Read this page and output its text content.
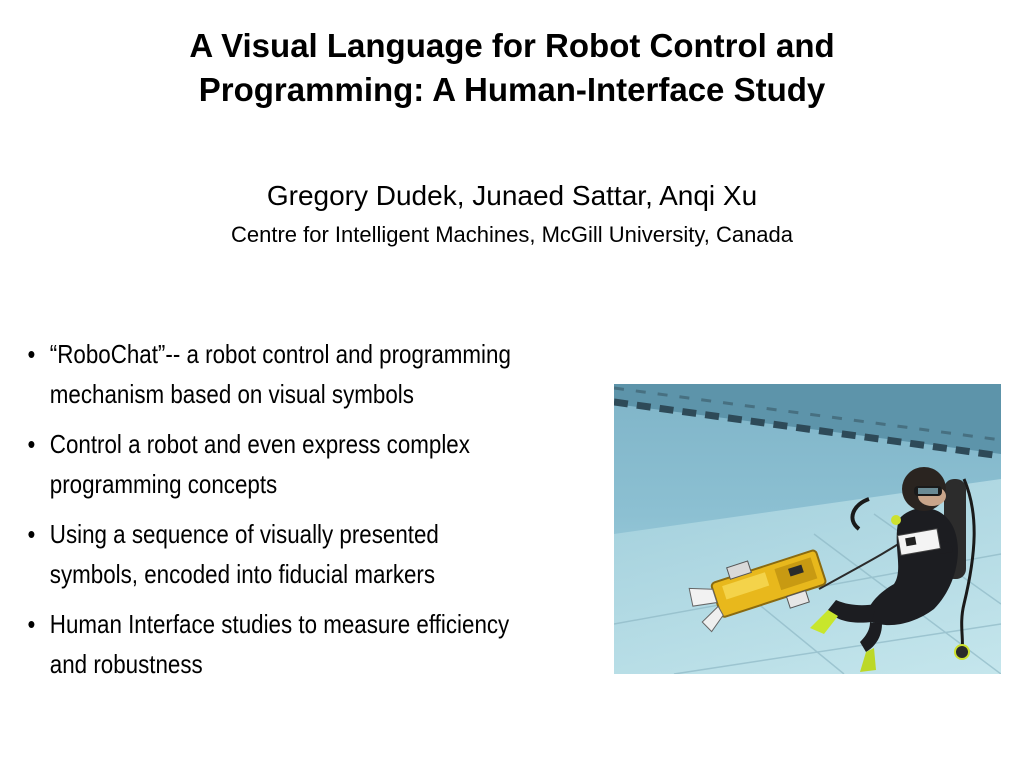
A Visual Language for Robot Control and
Programming: A Human-Interface Study
Gregory Dudek, Junaed Sattar, Anqi Xu
Centre for Intelligent Machines, McGill University, Canada
• “RoboChat”-- a robot control and programming
mechanism based on visual symbols
• Control a robot and even express complex
programming concepts
• Using a sequence of visually presented
symbols, encoded into fiducial markers
• Human Interface studies to measure efficiency
and robustness
